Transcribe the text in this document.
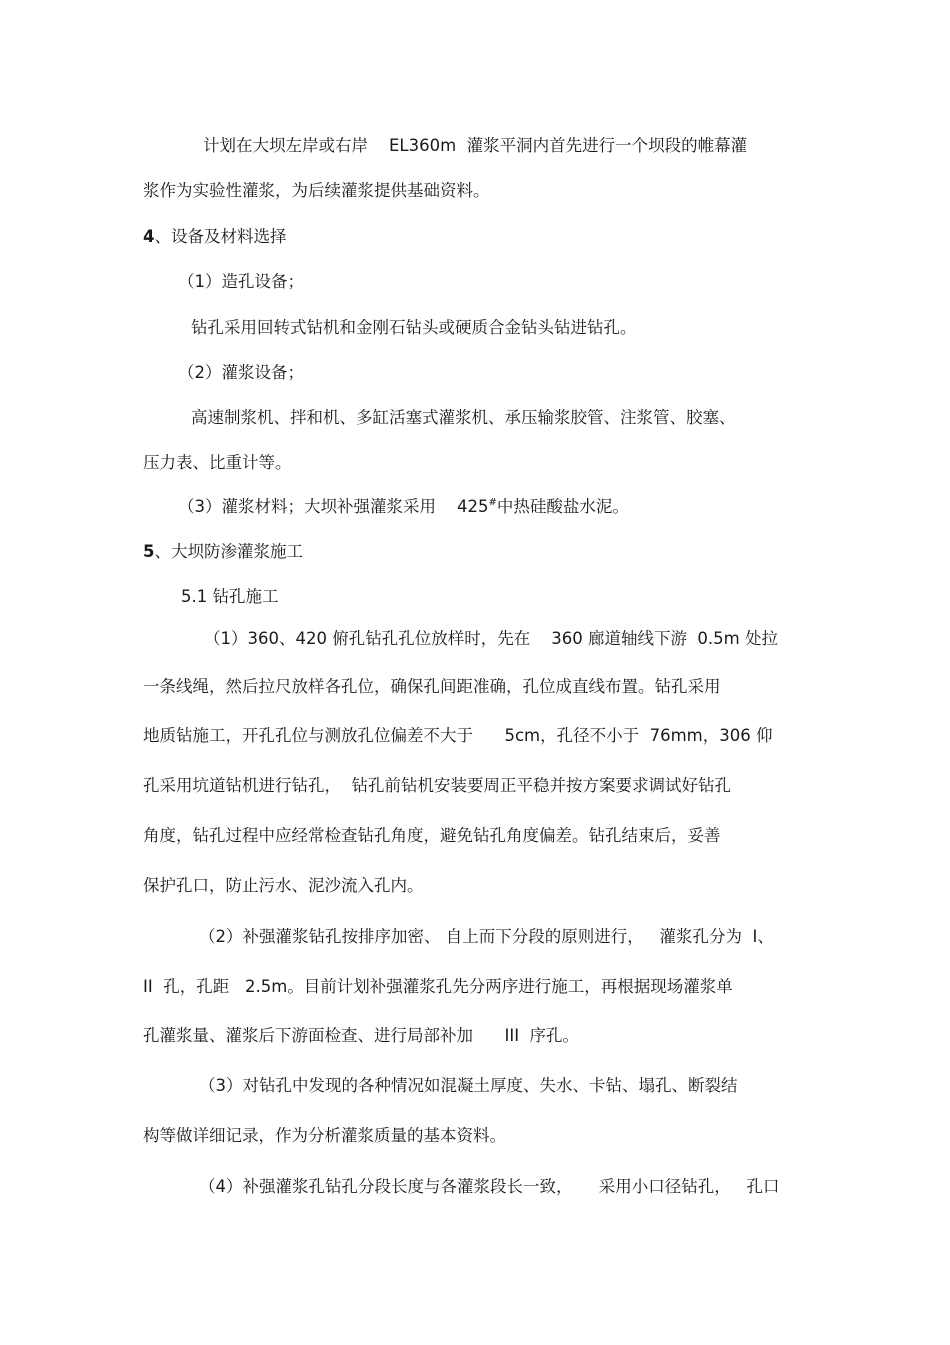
计划在大坝左岸或右岸    EL360m  灌浆平洞内首先进行一个坝段的帷幕灌
浆作为实验性灌浆，为后续灌浆提供基础资料。
4、设备及材料选择
（1）造孔设备；
钻孔采用回转式钻机和金刚石钻头或硬质合金钻头钻进钻孔。
（2）灌浆设备；
高速制浆机、拌和机、多缸活塞式灌浆机、承压输浆胶管、注浆管、胶塞、
压力表、比重计等。
（3）灌浆材料；大坝补强灌浆采用    425#中热硅酸盐水泥。
5、大坝防渗灌浆施工
5.1 钻孔施工
（1）360、420 俯孔钻孔孔位放样时，先在    360 廊道轴线下游  0.5m 处拉
一条线绳，然后拉尺放样各孔位，确保孔间距准确，孔位成直线布置。钻孔采用
地质钻施工，开孔孔位与测放孔位偏差不大于      5cm，孔径不小于  76mm，306 仰
孔采用坑道钻机进行钻孔，  钻孔前钻机安装要周正平稳并按方案要求调试好钻孔
角度，钻孔过程中应经常检查钻孔角度，避免钻孔角度偏差。钻孔结束后，妥善
保护孔口，防止污水、泥沙流入孔内。
（2）补强灌浆钻孔按排序加密、 自上而下分段的原则进行，   灌浆孔分为  I、
II  孔，孔距   2.5m。目前计划补强灌浆孔先分两序进行施工，再根据现场灌浆单
孔灌浆量、灌浆后下游面检查、进行局部补加      III  序孔。
（3）对钻孔中发现的各种情况如混凝土厚度、失水、卡钻、塌孔、断裂结
构等做详细记录，作为分析灌浆质量的基本资料。
（4）补强灌浆孔钻孔分段长度与各灌浆段长一致，     采用小口径钻孔，   孔口
